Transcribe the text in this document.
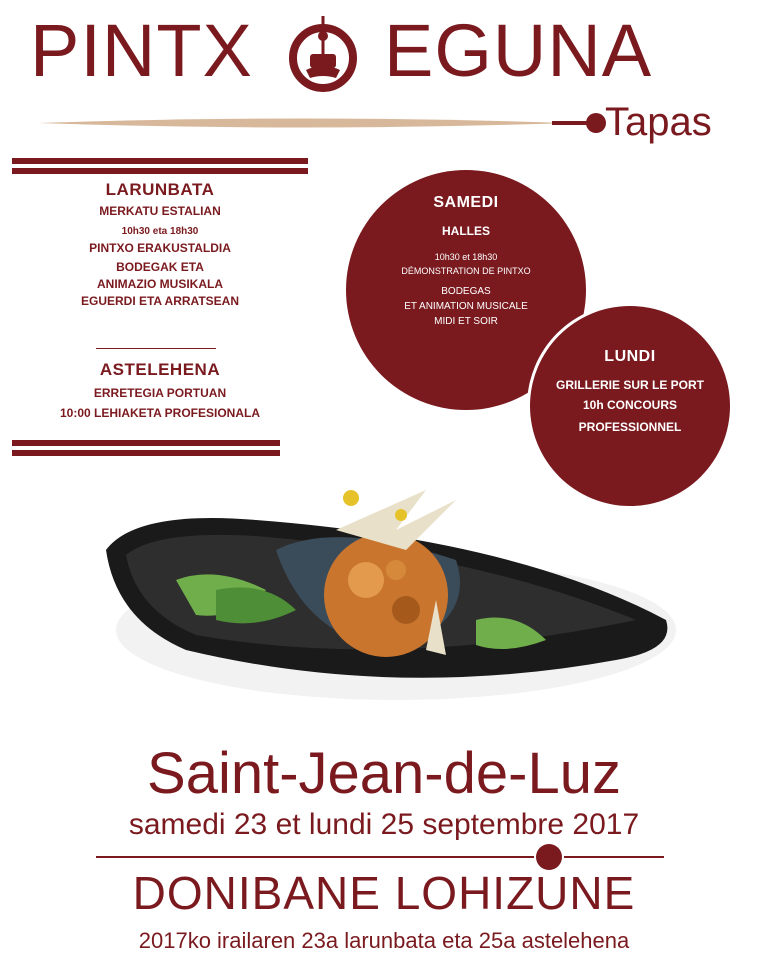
PINTX EGUNA
Tapas
LARUNBATA
MERKATU ESTALIAN
10h30 eta 18h30
PINTXO ERAKUSTALDIA
BODEGAK ETA
ANIMAZIO MUSIKALA
EGUERDI ETA ARRATSEAN
ASTELEHENA
ERRETEGIA PORTUAN
10:00 LEHIAKETA PROFESIONALA
SAMEDI
HALLES
10h30 et 18h30
DÉMONSTRATION DE PINTXO
BODEGAS
ET ANIMATION MUSICALE
MIDI ET SOIR
LUNDI
GRILLERIE SUR LE PORT
10h CONCOURS
PROFESSIONNEL
Saint-Jean-de-Luz
samedi 23 et lundi 25 septembre 2017
DONIBANE LOHIZUNE
2017ko irailaren 23a larunbata eta 25a astelehena
